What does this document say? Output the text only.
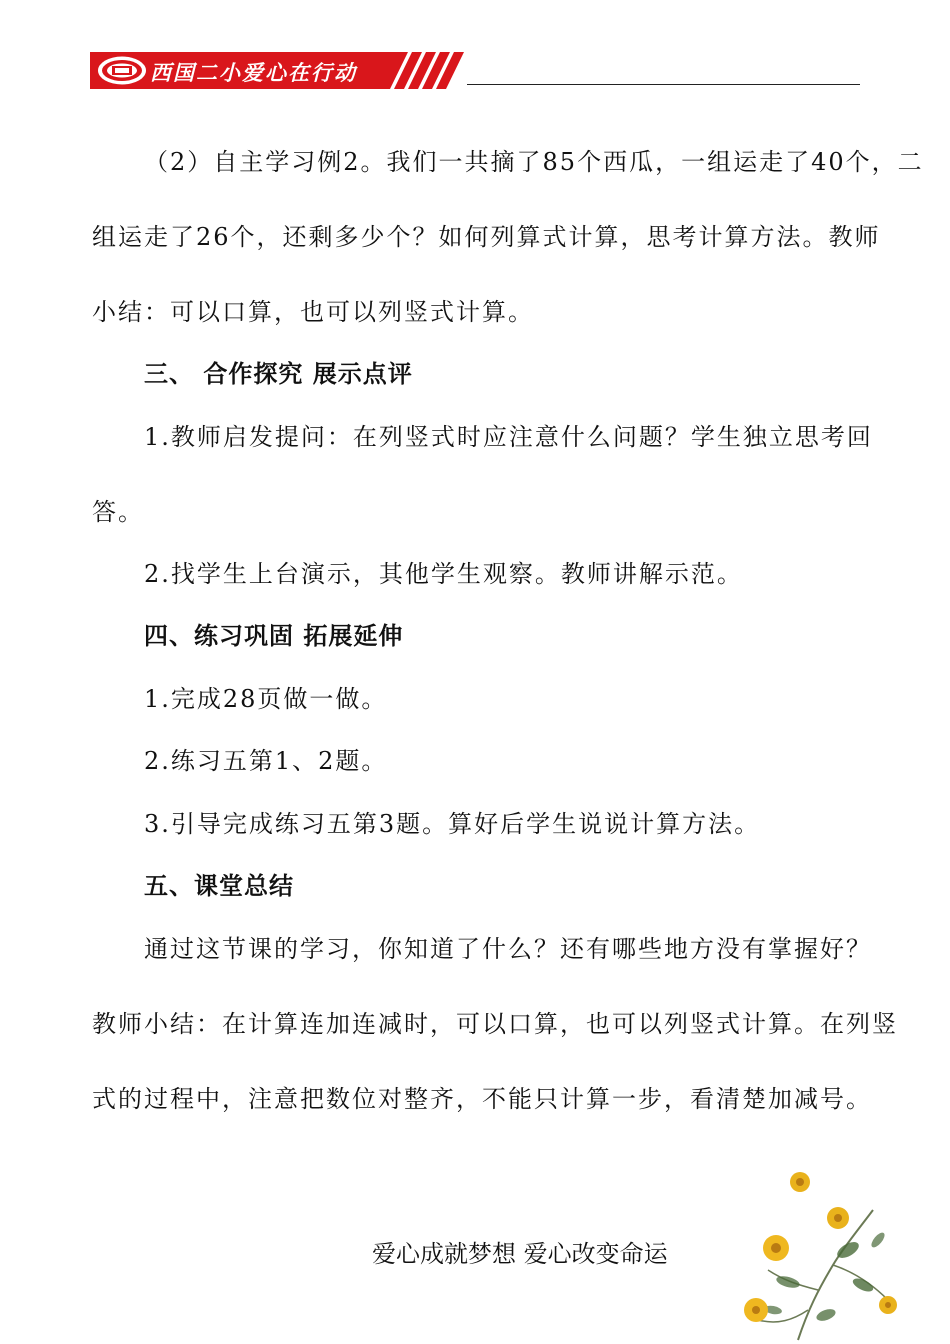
西国二小爱心在行动
（2）自主学习例2。我们一共摘了85个西瓜，一组运走了40个，二
组运走了26个，还剩多少个？如何列算式计算，思考计算方法。教师
小结：可以口算，也可以列竖式计算。
三、 合作探究 展示点评
1.教师启发提问：在列竖式时应注意什么问题？学生独立思考回
答。
2.找学生上台演示，其他学生观察。教师讲解示范。
四、练习巩固 拓展延伸
1.完成28页做一做。
2.练习五第1、2题。
3.引导完成练习五第3题。算好后学生说说计算方法。
五、课堂总结
通过这节课的学习，你知道了什么？还有哪些地方没有掌握好？
教师小结：在计算连加连减时，可以口算，也可以列竖式计算。在列竖
式的过程中，注意把数位对整齐，不能只计算一步，看清楚加减号。
爱心成就梦想 爱心改变命运
